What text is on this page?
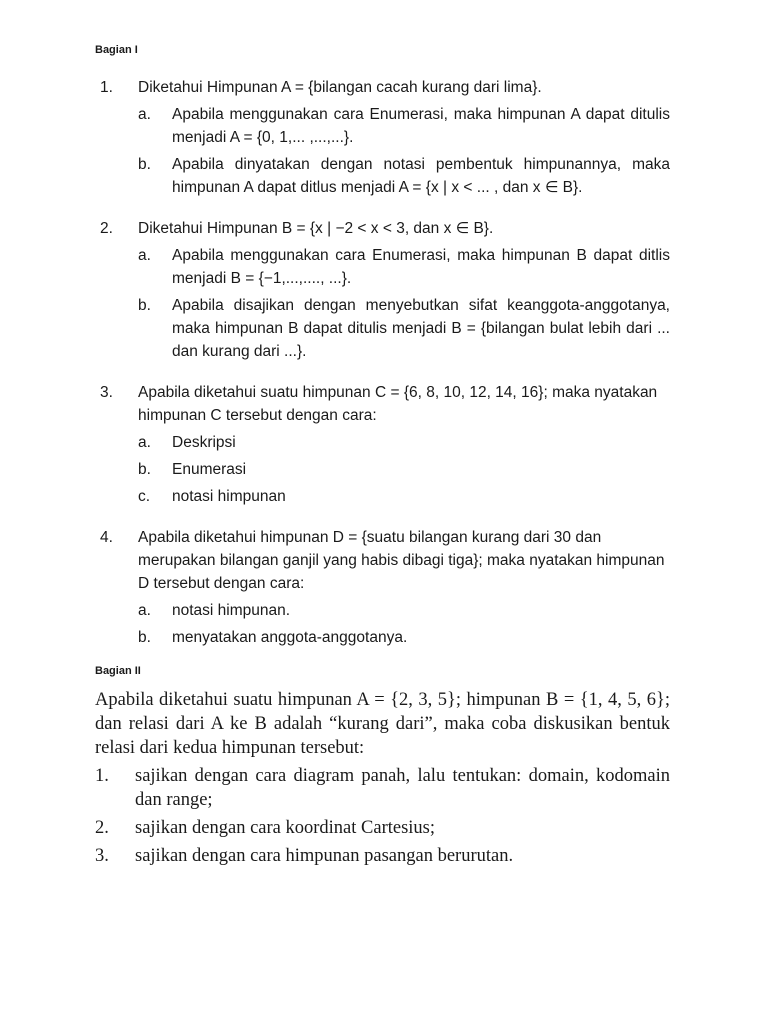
Bagian I
1.	Diketahui Himpunan A = {bilangan cacah kurang dari lima}.
a.	Apabila menggunakan cara Enumerasi, maka himpunan A dapat ditulis menjadi A = {0, 1,... ,...,...}.
b.	Apabila dinyatakan dengan notasi pembentuk himpunannya, maka himpunan A dapat ditlus menjadi A = {x | x < ... , dan x ∈ B}.
2.	Diketahui Himpunan B = {x | −2 < x < 3, dan x ∈ B}.
a.	Apabila menggunakan cara Enumerasi, maka himpunan B dapat ditlis menjadi B = {−1,...,...., ...}.
b.	Apabila disajikan dengan menyebutkan sifat keanggota-anggotanya, maka himpunan B dapat ditulis menjadi B = {bilangan bulat lebih dari ... dan kurang dari ...}.
3.	Apabila diketahui suatu himpunan C = {6, 8, 10, 12, 14, 16}; maka nyatakan himpunan C tersebut dengan cara:
a.	Deskripsi
b.	Enumerasi
c.	notasi himpunan
4.	Apabila diketahui himpunan D = {suatu bilangan kurang dari 30 dan merupakan bilangan ganjil yang habis dibagi tiga}; maka nyatakan himpunan D tersebut dengan cara:
a.	notasi himpunan.
b.	menyatakan anggota-anggotanya.
Bagian II
Apabila diketahui suatu himpunan A = {2, 3, 5}; himpunan B = {1, 4, 5, 6}; dan relasi dari A ke B adalah “kurang dari”, maka coba diskusikan bentuk relasi dari kedua himpunan tersebut:
1.	sajikan dengan cara diagram panah, lalu tentukan: domain, kodomain dan range;
2.	sajikan dengan cara koordinat Cartesius;
3.	sajikan dengan cara himpunan pasangan berurutan.
